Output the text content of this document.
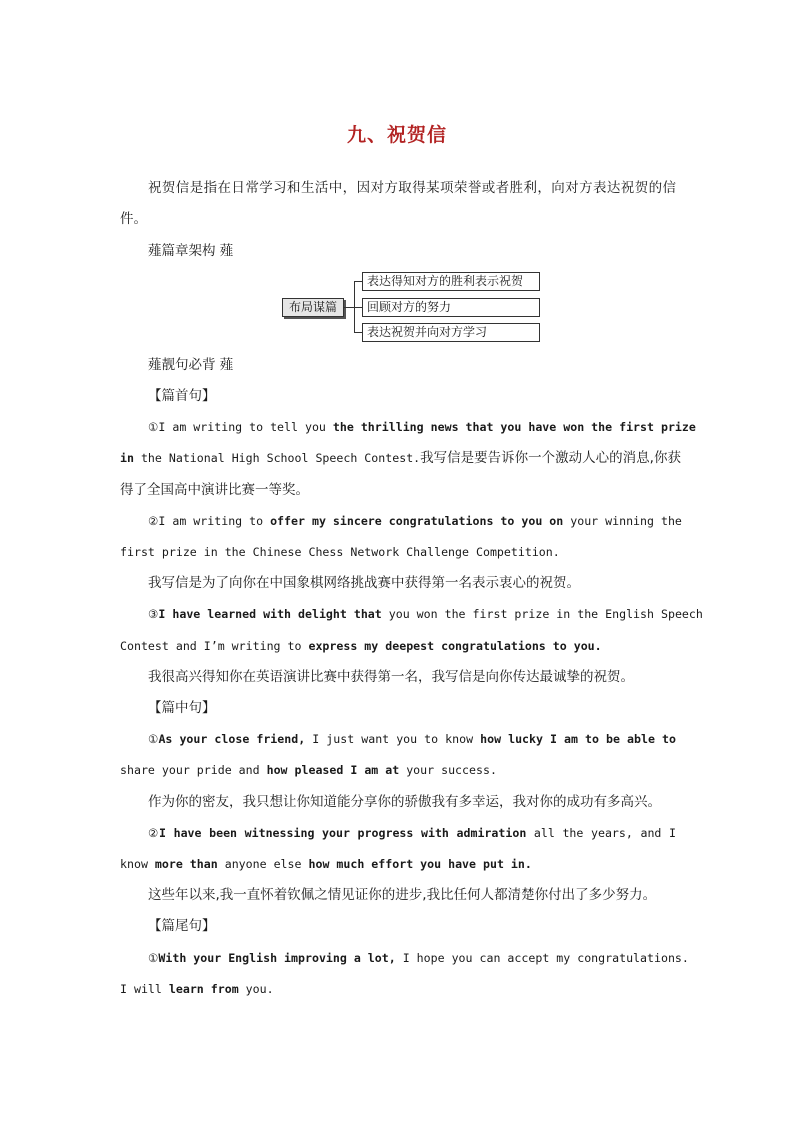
九、祝贺信
祝贺信是指在日常学习和生活中，因对方取得某项荣誉或者胜利，向对方表达祝贺的信
件。
薤篇章架构 薤
布局谋篇
表达得知对方的胜利表示祝贺
回顾对方的努力
表达祝贺并向对方学习
薤靓句必背 薤
【篇首句】
①I am writing to tell you the thrilling news that you have won the first prize
in the National High School Speech Contest.我写信是要告诉你一个激动人心的消息,你获
得了全国高中演讲比赛一等奖。
②I am writing to offer my sincere congratulations to you on your winning the
first prize in the Chinese Chess Network Challenge Competition.
我写信是为了向你在中国象棋网络挑战赛中获得第一名表示衷心的祝贺。
③I have learned with delight that you won the first prize in the English Speech
Contest and I’m writing to express my deepest congratulations to you.
我很高兴得知你在英语演讲比赛中获得第一名，我写信是向你传达最诚挚的祝贺。
【篇中句】
①As your close friend, I just want you to know how lucky I am to be able to
share your pride and how pleased I am at your success.
作为你的密友，我只想让你知道能分享你的骄傲我有多幸运，我对你的成功有多高兴。
②I have been witnessing your progress with admiration all the years, and I
know more than anyone else how much effort you have put in.
这些年以来,我一直怀着钦佩之情见证你的进步,我比任何人都清楚你付出了多少努力。
【篇尾句】
①With your English improving a lot, I hope you can accept my congratulations.
I will learn from you.
